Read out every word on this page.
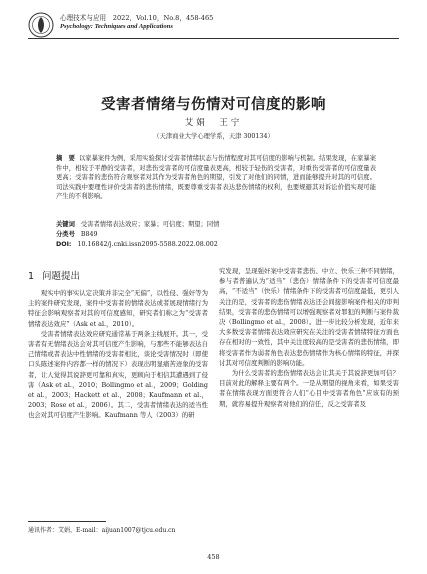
心理技术与应用　2022，Vol.10，No.8，458-465
Psychology: Techniques and Applications
受害者情绪与伤情对可信度的影响
艾娟　王宁
（天津商业大学心理学系，天津 300134）
摘　要 以家暴案件为例，采用实验探讨受害者情绪状态与伤情程度对其可信度的影响与机制。结果发现，在家暴案件中，相较于平静的受害者，对悲伤受害者的可信度量表更高，相较于轻伤的受害者，对重伤受害者的可信度量表更高；受害者的悲伤符合观察者对其作为受害者角色的期望，引发了对他们的同情，进而能够提升对其的可信度。司法实践中要理性评价受害者的悲伤情绪，既要尊重受害者表达悲伤情绪的权利，也要规避其对诉讼价值实现可能产生的不利影响。
关键词 受害者情绪表达效应；家暴；可信度；期望；同情
分类号 B849
DOI: 10.16842/j.cnki.issn2095-5588.2022.08.002
1 问题提出

观实中的事实认定决策并非完全“无偏”，以性侵、强奸等为主的案件研究发现，案件中受害者的情绪表达或者展现情绪行为特征会影响观察者对其的可信度感知，研究者们称之为“受害者情绪表达效应”（Ask et al.，2010）。

受害者情绪表达效应研究通常基于两条主线展开。其一，受害者有无情绪表达会对其可信度产生影响，与那些不能够表达自己情绪或者表达中性情绪的受害者相比，谈论受害情况时（即使口头陈述案件内容都一样的情况下）表现出明显痛苦迹象的受害者，让人觉得其说辞更可靠和真实，更顾向于相信其遭遇到了侵害（Ask et al.，2010；Bollingmo et al.，2009；Golding et al.，2003；Hackett et al.，2008；Kaufmann et al.，2003；Rose et al.，2006）。其二，受害者情绪表达的适当性也会对其可信度产生影响。Kaufmann 等人（2003）的研

究发现，呈现强奸案中受害者悲伤、中立、快乐三种不同情绪，参与者普遍认为“适当”（悲伤）情绪条件下的受害者可信度最高，“不适当”（快乐）情绪条件下的受害者可信度最低，更引人关注的是，受害者的悲伤情绪表达还会间接影响案件相关的审判结果，受害者的悲伤情绪可以增强观察者对罪犯的判断与案件裁决（Bollingmo et al.，2008）。进一步比较分析发现，近年来大多数受害者情绪表达效应研究在关注的受害者情绪特征方面也存在相对的一致性，其中关注度较高的是受害者的悲伤情绪，即将受害者作为弱者角色表达悲伤情绪作为核心情绪的特征，并探讨其对可信度判断的影响功能。

为什么受害者的悲伤情绪表达会让其关于其说辞更加可信？目前对此的解释主要有两个。一是从期望的视角来看，如果受害者在情绪表现方面更符合人们“心目中受害者角色”应该有的预期，就容易提升观察者对他们的信任，反之受害者及

通讯作者：艾娟，E-mail：aijuan1007@tjcu.edu.cn
458
